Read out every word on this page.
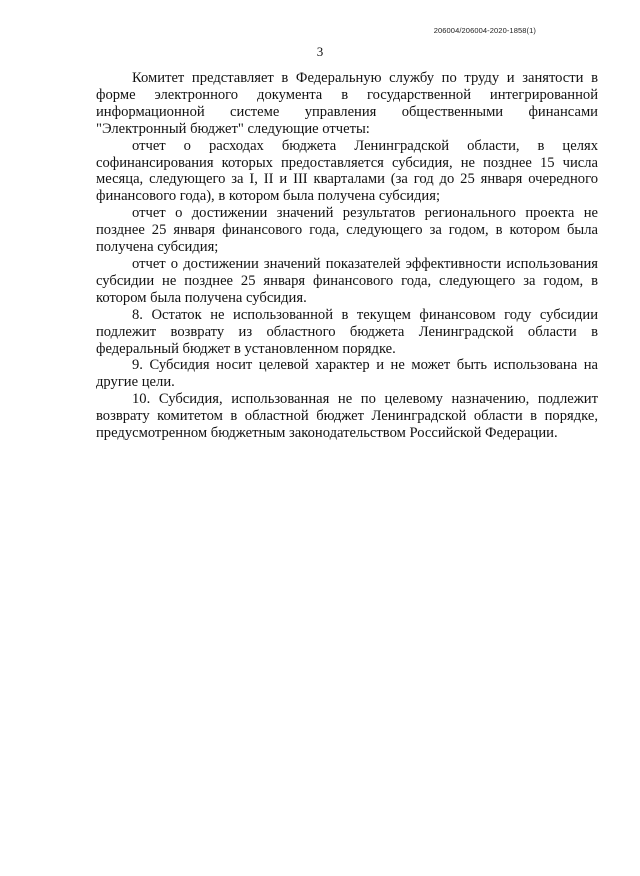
206004/206004-2020-1858(1)
3

Комитет представляет в Федеральную службу по труду и занятости в форме электронного документа в государственной интегрированной информационной системе управления общественными финансами "Электронный бюджет" следующие отчеты:

отчет о расходах бюджета Ленинградской области, в целях софинансирования которых предоставляется субсидия, не позднее 15 числа месяца, следующего за I, II и III кварталами (за год до 25 января очередного финансового года), в котором была получена субсидия;

отчет о достижении значений результатов регионального проекта не позднее 25 января финансового года, следующего за годом, в котором была получена субсидия;

отчет о достижении значений показателей эффективности использования субсидии не позднее 25 января финансового года, следующего за годом, в котором была получена субсидия.

8. Остаток не использованной в текущем финансовом году субсидии подлежит возврату из областного бюджета Ленинградской области в федеральный бюджет в установленном порядке.

9. Субсидия носит целевой характер и не может быть использована на другие цели.

10. Субсидия, использованная не по целевому назначению, подлежит возврату комитетом в областной бюджет Ленинградской области в порядке, предусмотренном бюджетным законодательством Российской Федерации.
